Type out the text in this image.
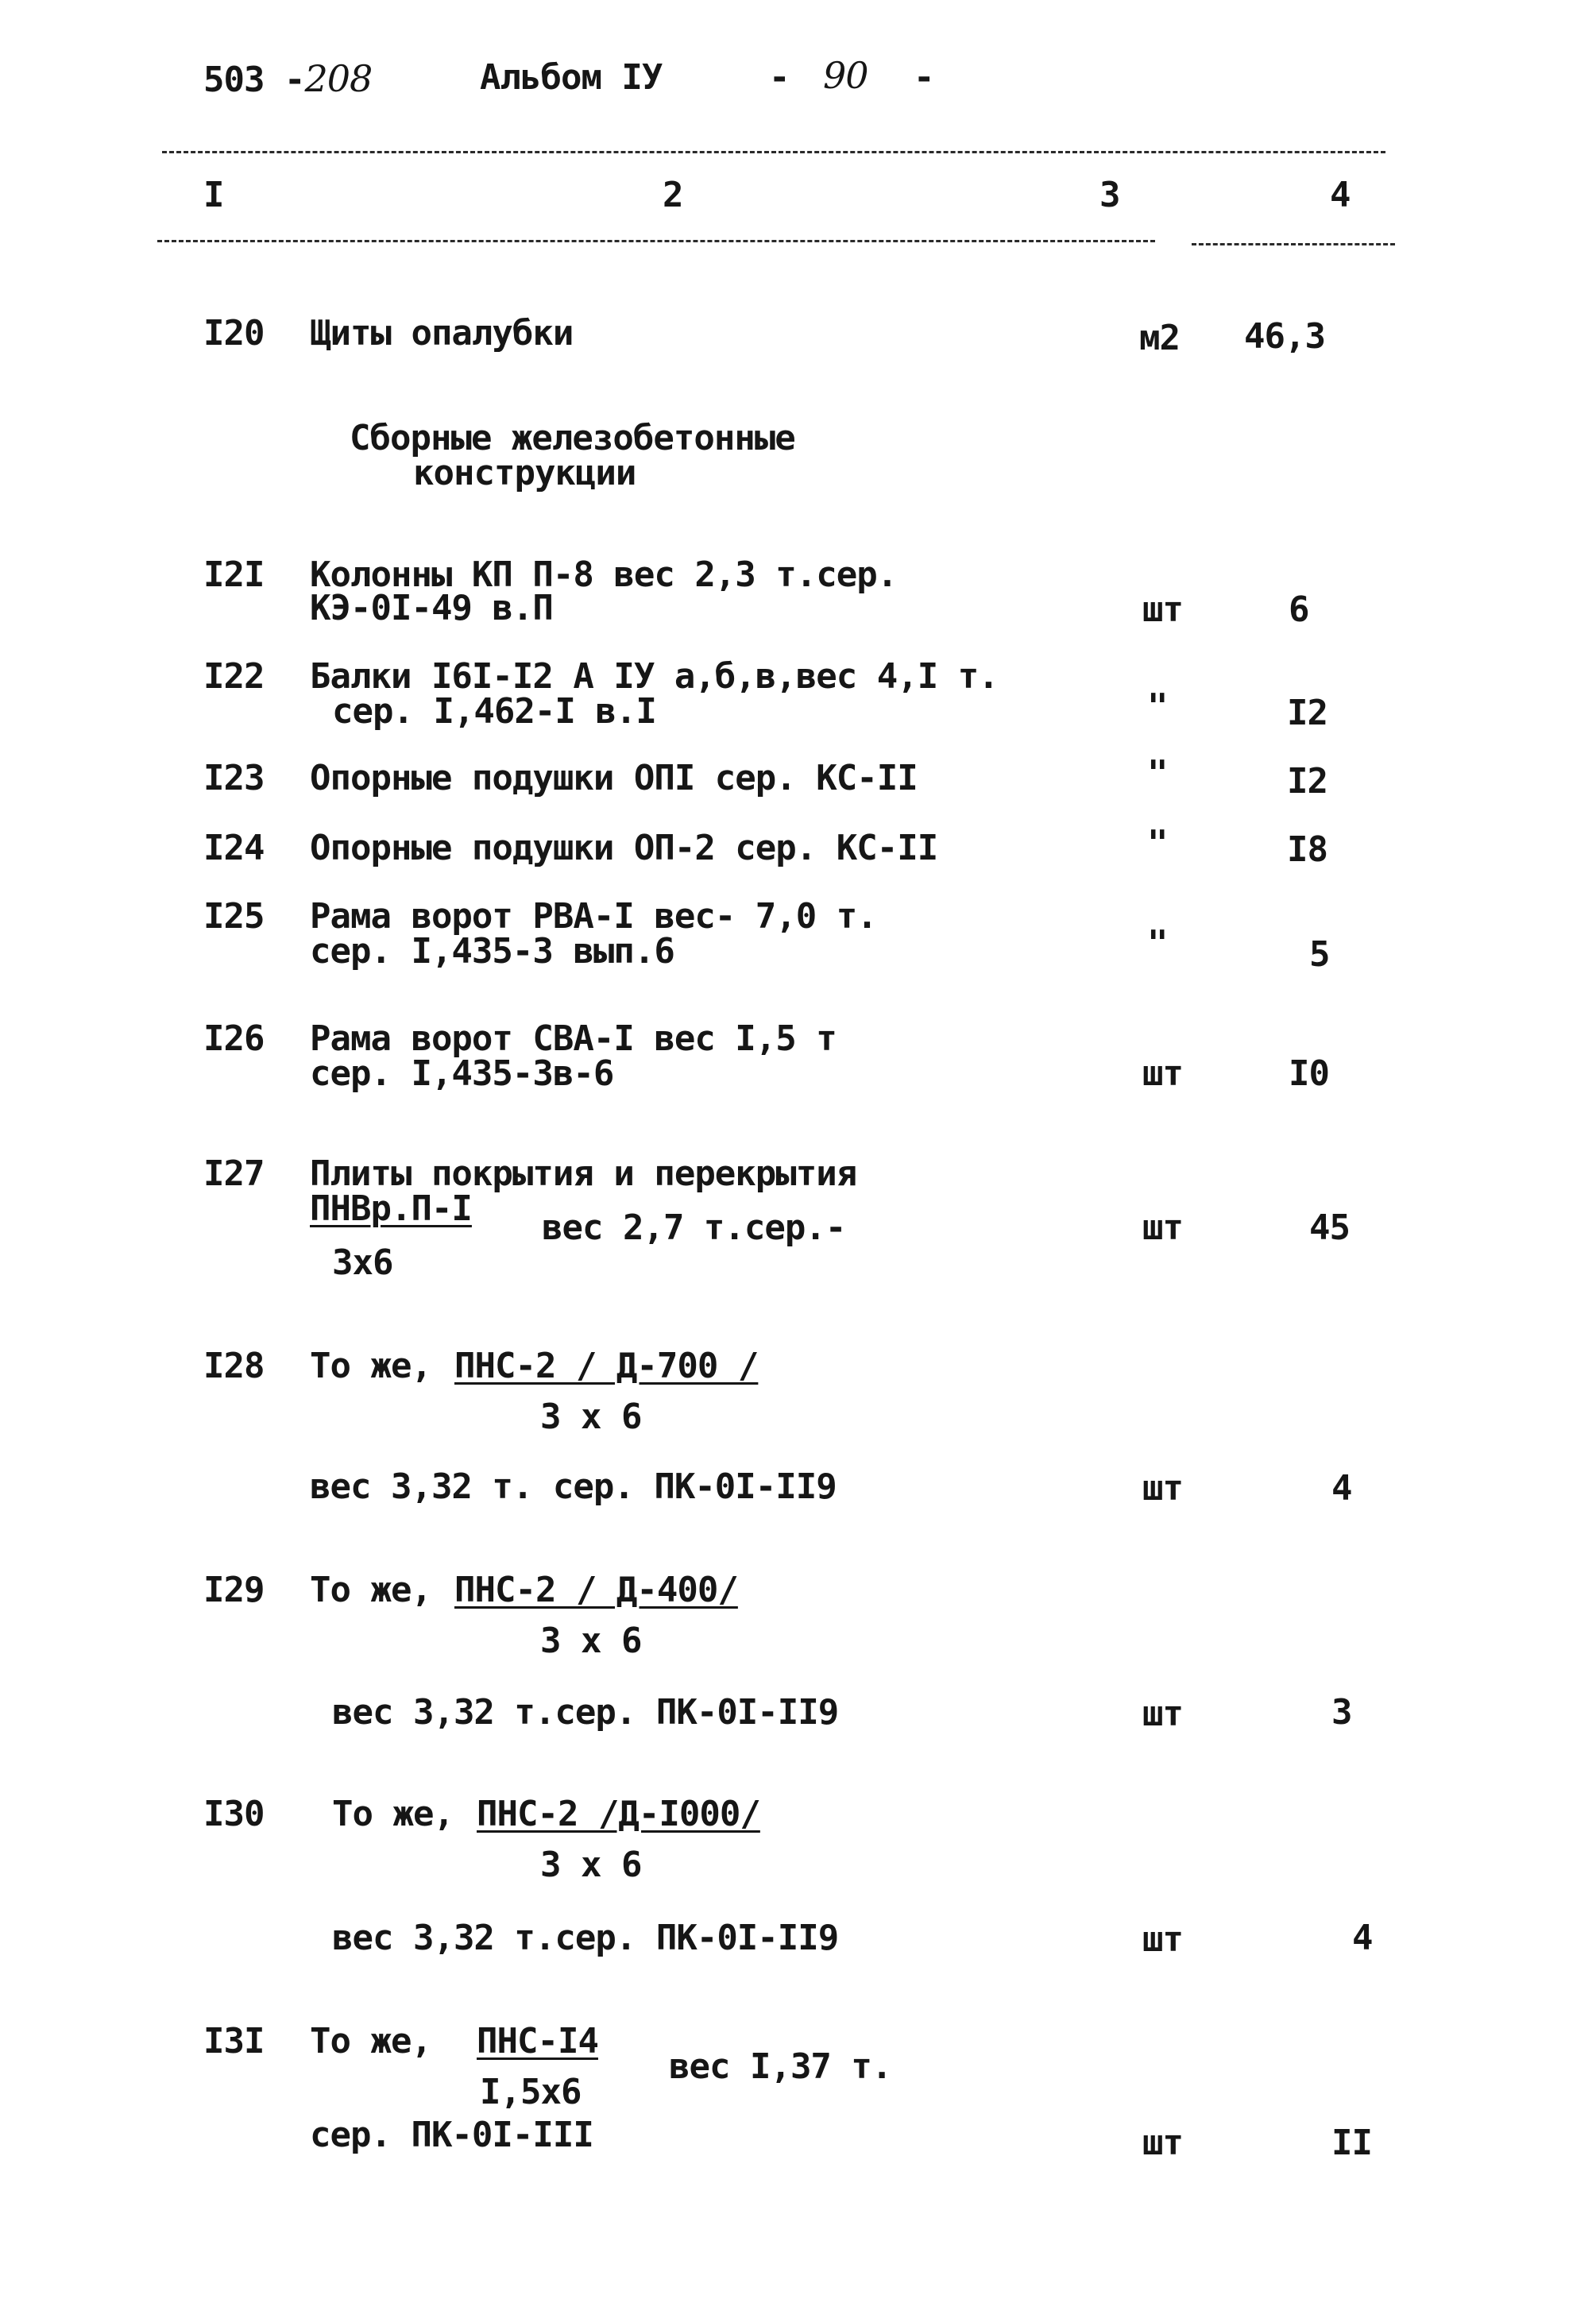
503 -208	Альбом IУ	- 90 -
I	2	3	4
I20 Щиты опалубки	м2 46,3
Сборные железобетонные
конструкции
I2I Колонны КП П-8 вес 2,3 т.сер.
КЭ-0I-49 в.П	шт	6
I22 Балки I6I-I2 А IУ а,б,в,вес 4,I т.
сер. I,462-I в.I	"	I2
I23 Опорные подушки ОПI сер. КС-II	"	I2
I24 Опорные подушки ОП-2 сер. КС-II	"	I8
I25 Рама ворот РВА-I вес- 7,0 т.
сер. I,435-3 вып.6	"	5
I26 Рама ворот СВА-I вес I,5 т
сер. I,435-3в-6	шт	I0
I27 Плиты покрытия и перекрытия
ПНВр.П-I вес 2,7 т.сер.-
3х6
шт	45
I28 То же, ПНС-2 / Д-700 /
3 х 6
вес 3,32 т. сер. ПК-0I-II9	шт	4
I29 То же, ПНС-2 / Д-400/
3 х 6
вес 3,32 т.сер. ПК-0I-II9	шт	3
I30 То же, ПНС-2 /Д-I000/
3 х 6
вес 3,32 т.сер. ПК-0I-II9	шт	4
I3I То же, ПНС-I4
вес I,37 т.
I,5х6
сер. ПК-0I-III	шт	II
